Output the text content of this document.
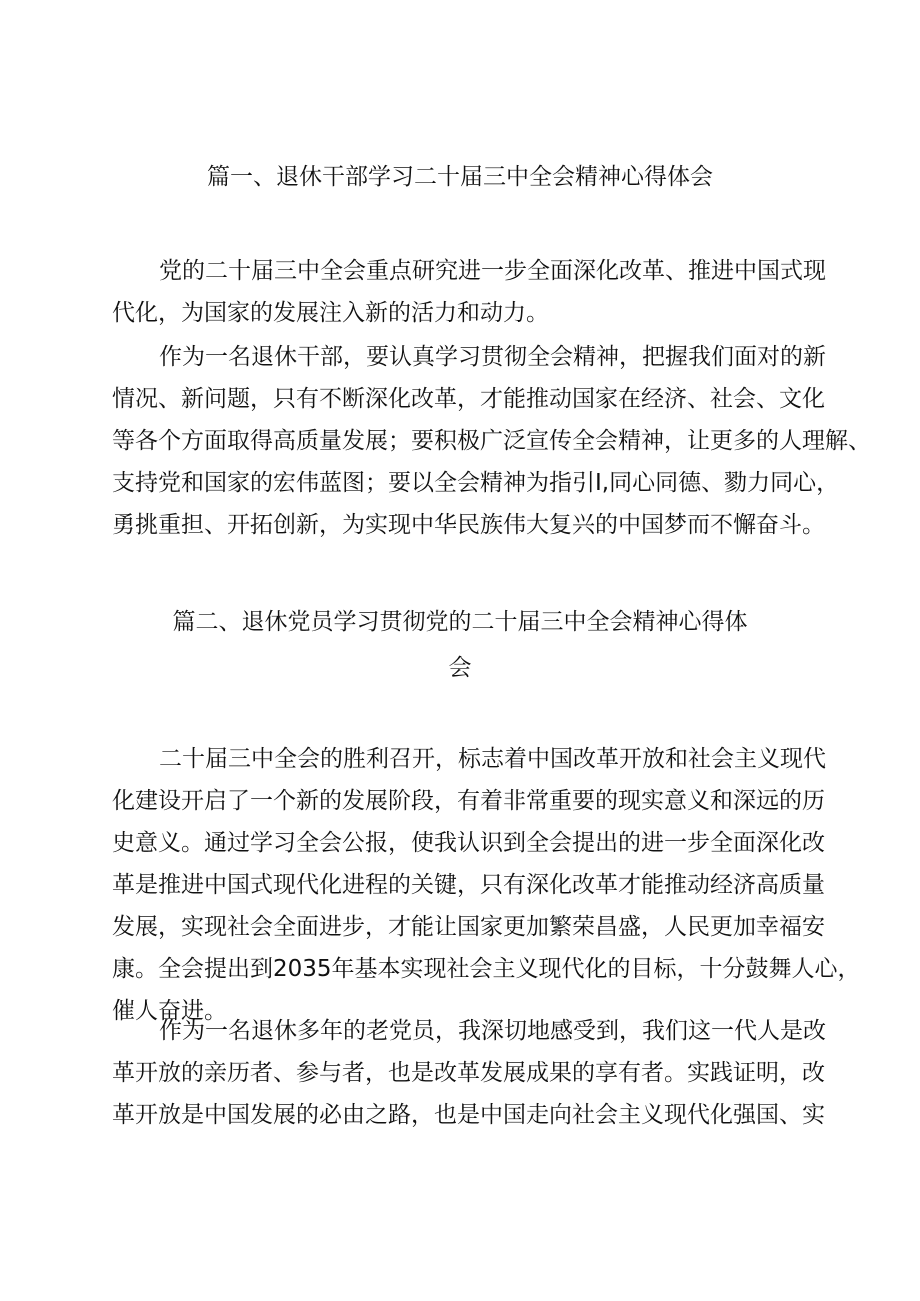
篇一、退休干部学习二十届三中全会精神心得体会
党的二十届三中全会重点研究进一步全面深化改革、推进中国式现
代化，为国家的发展注入新的活力和动力。
作为一名退休干部，要认真学习贯彻全会精神，把握我们面对的新
情况、新问题，只有不断深化改革，才能推动国家在经济、社会、文化
等各个方面取得高质量发展；要积极广泛宣传全会精神，让更多的人理解、
支持党和国家的宏伟蓝图；要以全会精神为指引I,同心同德、勠力同心，
勇挑重担、开拓创新，为实现中华民族伟大复兴的中国梦而不懈奋斗。
篇二、退休党员学习贯彻党的二十届三中全会精神心得体
会
二十届三中全会的胜利召开，标志着中国改革开放和社会主义现代
化建设开启了一个新的发展阶段，有着非常重要的现实意义和深远的历
史意义。通过学习全会公报，使我认识到全会提出的进一步全面深化改
革是推进中国式现代化进程的关键，只有深化改革才能推动经济高质量
发展，实现社会全面进步，才能让国家更加繁荣昌盛，人民更加幸福安
康。全会提出到2035年基本实现社会主义现代化的目标，十分鼓舞人心，
催人奋进。
作为一名退休多年的老党员，我深切地感受到，我们这一代人是改
革开放的亲历者、参与者，也是改革发展成果的享有者。实践证明，改
革开放是中国发展的必由之路，也是中国走向社会主义现代化强国、实
